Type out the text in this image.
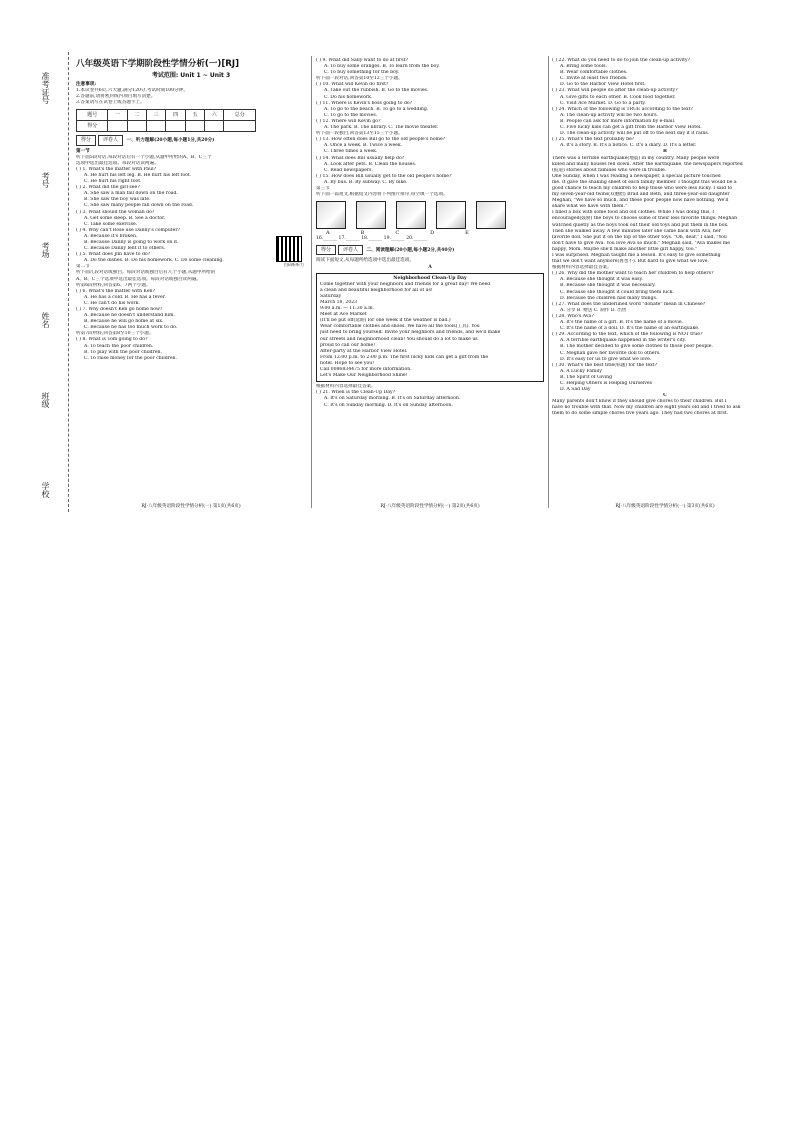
学校
班级
姓名
考场
考号
准考证号
八年级英语下学期阶段性学情分析(一)[RJ]
考试范围: Unit 1 ~ Unit 3
注意事项:
1.本试卷共6页,六大题,满分120分,考试时间100分钟。
2.答题前,请将密封线内项目填写清楚。
3.答案请写在试卷上或答题卡上。
题号	一	二	三	四	五	六	总分
得分							
得分 评卷人 一、听力理解(20小题,每小题1分,共20分)
扫码听听力
第一节
听下面5段对话,每段对话后有一个小题,从题中所给的A、B、C三个
选项中选出最佳选项。每段对话读两遍。
( ) 1. What's the matter with Paul?
A. He hurt his left leg. B. He hurt his left foot.
C. He hurt his right foot.
( ) 2. What did the girl see?
A. She saw a man fall down on the road.
B. She saw the boy was late.
C. She saw many people fall down on the road.
( ) 3. What should the woman do?
A. Get some sleep. B. See a doctor.
C. Take some exercise.
( ) 4. Why can't Rose use Danny's computer?
A. Because it's broken.
B. Because Danny is going to work on it.
C. Because Danny lent it to others.
( ) 5. What does Jim have to do?
A. Do the dishes. B. Do his homework. C. Do some cleaning.
第二节
听下面几段对话或独白。每段对话或独白后有几个小题,从题中所给的
A、B、C三个选项中选出最佳选项。每段对话或独白读两遍。
听第6段材料,回答第6、7两个小题。
( ) 6. What's the matter with Ken?
A. He has a cold. B. He has a fever.
C. He can't do his work.
( ) 7. Why doesn't Ken go home now?
A. Because he doesn't understand him.
B. Because he will go home at six.
C. Because he has too much work to do.
听第7段材料,回答第8至10三个小题。
( ) 8. What is Tom going to do?
A. To teach the poor children.
B. To play with the poor children.
C. To raise money for the poor children.
RJ·八年级英语阶段性学情分析(一) 第1页(共6页)
( ) 9. What did Sally want to do at first?
A. To buy some oranges. B. To learn from the boy.
C. To buy something for the boy.
听下面一段对话,回答第10至12三个小题。
( ) 10. What will Kevin do first?
A. Take out the rubbish. B. Go to the movies.
C. Do his homework.
( ) 11. Where is Kevin's boss going to do?
A. To go to the beach. B. To go to a wedding.
C. To go to the movies.
( ) 12. Where will Kevin go?
A. The park. B. The library. C. The movie theater.
听下面一段独白,回答第13至15三个小题。
( ) 13. How often does Bill go to the old people's home?
A. Once a week. B. Twice a week.
C. Three times a week.
( ) 14. What does Bill usually help do?
A. Look after pets. B. Clean the houses.
C. Read newspapers.
( ) 15. How does Bill usually get to the old people's home?
A. By bus. B. By subway. C. By bike.
第三节
听下面一篇短文,根据短文内容将下列图片排序,每空填一个选项。
A	B	C	D	E
16.______ 17.______ 18.______ 19.______ 20.______
得分 评卷人 二、阅读理解(20小题,每小题2分,共40分)
阅读下面短文,从每题所给选项中选出最佳选项。
A
Neighborhood Clean-Up Day
Come together with your neighbors and friends for a great day! We need
a clean and beautiful neighborhood for all of us!
Saturday
March 18, 2023
9:00 a.m. — 11:30 a.m.
Meet at Ace Market
(It'll be put off(延期) for one week if the weather is bad.)
Wear comfortable clothes and shoes. We have all the tools(工具). You
just need to bring yourself. Invite your neighbors and friends, and we'll make
our streets and neighborhood clean! You should do a lot to make us
proud to call our home!
After-party at the Harbor View Hotel.
From 12:00 p.m. to 2:00 p.m. The first lucky kids can get a gift from the
hotel. Hope to see you!
Call 0086834475 for more information.
Let's Make Our Neighborhood Shine!
根据材料内容选择最佳答案。
( ) 21. When is the Clean-Up Day?
A. It's on Saturday morning. B. It's on Saturday afternoon.
C. It's on Sunday morning. D. It's on Sunday afternoon.
RJ·八年级英语阶段性学情分析(一) 第2页(共6页)
( ) 22. What do you need to do to join the clean-up activity?
A. Bring some tools.
B. Wear comfortable clothes.
C. Invite at least two friends.
D. Go to the Harbor View Hotel first.
( ) 23. What will people do after the clean-up activity?
A. Give gifts to each other. B. Cook food together.
C. Visit Ace Market. D. Go to a party.
( ) 24. Which of the following is TRUE according to the text?
A. The clean-up activity will be two hours.
B. People can ask for more information by e-mail.
C. Five lucky kids can get a gift from the Harbor View Hotel.
D. The clean-up activity will be put off to the next day if it rains.
( ) 25. What's the text probably be?
A. It's a story. B. It's a notice. C. It's a diary. D. It's a letter.
B
There was a terrible earthquake(地震) in my country. Many people were
killed and many houses fell down. After the earthquake, the newspapers reported
(报道) stories about families who were in trouble.
One Sunday, when I was reading a newspaper, a special picture touched
me. It gave the shaking sheet of each family member. I thought this would be a
good chance to teach my children to help those who were less lucky. I said to
my seven-year-old twins(双胞胎) Brad and Beth, and three-year-old daughter
Meghan, "We have so much, and these poor people now have nothing. We'll
share what we have with them."
I filled a box with some food and old clothes. While I was doing this, I
encouraged(鼓励) the boys to choose some of their less favorite things. Meghan
watched quietly as the boys took out their old toys and put them in the box.
Then she walked away. A few minutes later she came back with Ava, her
favorite doll. She put it on the top of the other toys. "Oh, dear," I said, "You
don't have to give Ava. You love Ava so much." Meghan said, "Ava makes me
happy, Mom. Maybe she'll make another little girl happy, too."
I was surprised. Meghan taught me a lesson. It's easy to give something
that we don't want anymore(再也不). But hard to give what we love.
根据材料内容选择最佳答案。
( ) 26. Why did the mother want to teach her children to help others?
A. Because she thought it was easy.
B. Because she thought it was necessary.
C. Because she thought it could bring them luck.
D. Because the children had many things.
( ) 27. What does the underlined word "donate" mean in Chinese?
A. 分享 B. 赠送 C. 制作 D. 出售
( ) 28. Who's Ava?
A. It's the name of a girl. B. It's the name of a movie.
C. It's the name of a doll. D. It's the name of an earthquake.
( ) 29. According to the text, which of the following is NOT true?
A. A terrible earthquake happened in the writer's city.
B. The mother decided to give some clothes to those poor people.
C. Meghan gave her favorite doll to others.
D. It's easy for us to give what we love.
( ) 30. What's the best title(标题) for the text?
A. A Lucky Family
B. The Spirit of Giving
C. Helping Others is Helping Ourselves
D. A Sad Day
C
Many parents don't know if they should give chores to their children. But I
have no trouble with that. Now my children are eight years old and I tried to ask
them to do some simple chores five years ago. They had two chores at first.
RJ·八年级英语阶段性学情分析(一) 第3页(共6页)
